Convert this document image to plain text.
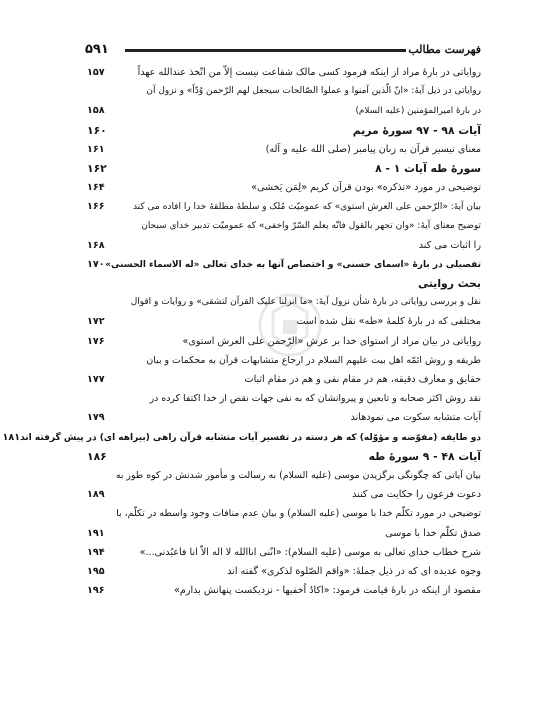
فهرست مطالب
۵۹۱
روایاتی در بارهٔ مراد از اینکه فرمود کسی مالک شفاعت نیست إلاّ من اتّخذ عندالله عهداً
۱۵۷
روایاتی در ذیل آیهٔ: «انّ الّذین آمنوا و عملوا الصّالحات سیجعل لهم الرّحمن وُدّاً» و نزول آن
در بارهٔ امیرالمؤمنین (علیه السلام)
۱۵۸
آیات ۹۸ - ۹۷ سورهٔ مریم
۱۶۰
معنای تیسیر قرآن به زبان پیامبر (صلی الله علیه و آله)
۱۶۱
سورهٔ طه آیات ۱ - ۸
۱۶۲
توضیحی در مورد «تذکره» بودن قرآن کریم «لِمَن یَخشی»
۱۶۴
بیان آیهٔ: «الرّحمن علی العرش استوی» که عمومیّت مُلک و سلطهٔ مطلقهٔ خدا را افاده می کند
۱۶۶
توضیح معنای آیهٔ: «وان تجهر بالقول فانّه یعلم السّرّ واخفی» که عمومیّت تدبیر خدای سبحان
را اثبات می کند
۱۶۸
تفصیلی در بارهٔ «اسمای حسنی» و اختصاص آنها به خدای تعالی «له الاسماء الحسنی»
۱۷۰
بحث روایتی
نقل و بررسی روایاتی در بارهٔ شأن نزول آیهٔ: «ما انزلنا علیک القرآن لتشقی» و روایات و اقوال
مختلفی که در بارهٔ کلمهٔ «طه» نقل شده است
۱۷۲
روایاتی در بیان مراد از استوای خدا بر عرش «الرّحمن علی العرش استوی»
۱۷۶
طریقه و روش ائمّه اهل بیت علیهم السلام در ارجاع متشابهات قرآن به محکمات و بیان
حقایق و معارف دقیقه، هم در مقام نفی و هم در مقام اثبات
۱۷۷
نقد روش اکثر صحابه و تابعین و پیروانشان که به نفی جهات نقص از خدا اکتفا کرده در
آیات متشابه سکوت می نمودهاند
۱۷۹
دو طایفه (مفوّضه و مؤوّله) که هر دسته در تفسیر آیات متشابه قرآن راهی (بیراهه ای) در پیش گرفته اند
۱۸۱
آیات ۴۸ - ۹ سورهٔ طه
۱۸۶
بیان آیاتی که چگونگی برگزیدن موسی (علیه السلام) به رسالت و مأمور شدنش در کوه طور به
دعوت فرعون را حکایت می کنند
۱۸۹
توضیحی در مورد تکلّم خدا با موسی (علیه السلام) و بیان عدم منافات وجود واسطه در تکلّم، با
صدق تکلّم خدا با موسی
۱۹۱
شرح خطاب خدای تعالی به موسی (علیه السلام): «انّنی اناالله لا اله الاّ انا فاعبُدنی...»
۱۹۴
وجوه عدیده ای که در ذیل جملهٔ: «واقم الصّلوة لذکری» گفته اند
۱۹۵
مقصود از اینکه در بارهٔ قیامت فرمود: «اکادُ اُخفیها - نزدیکست پنهانش بدارم»
۱۹۶
